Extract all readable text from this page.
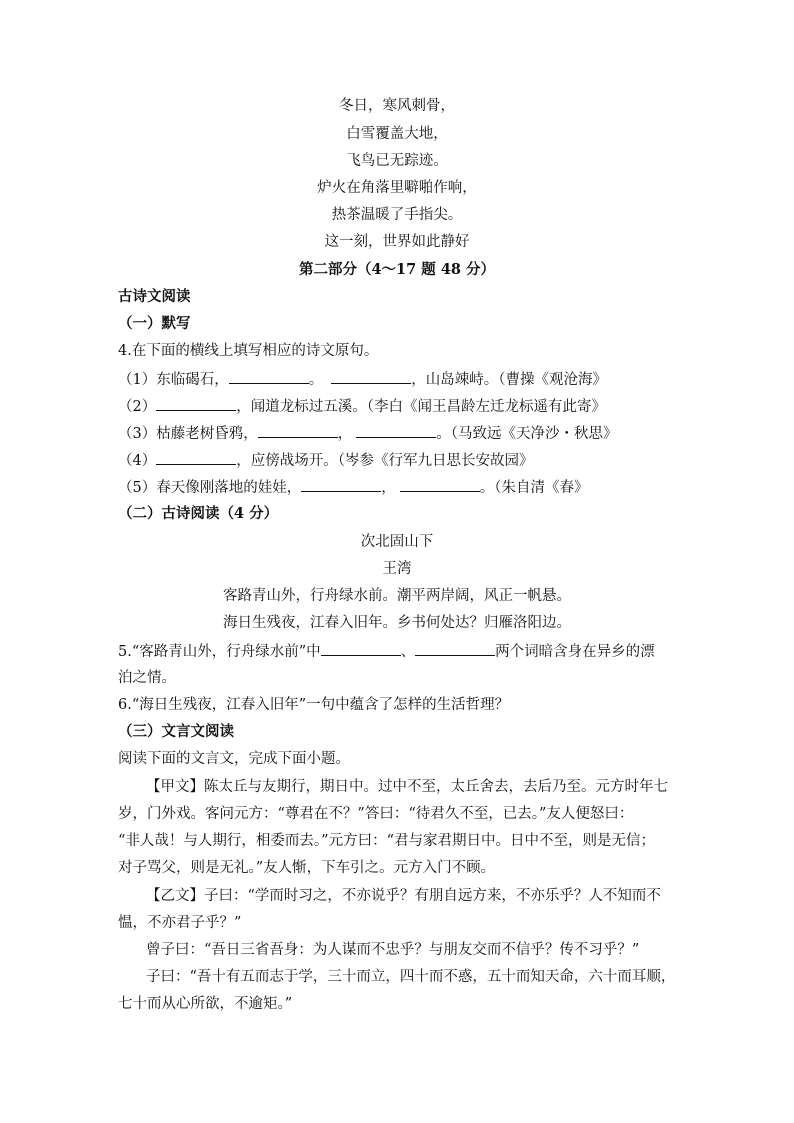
冬日，寒风刺骨，
白雪覆盖大地，
飞鸟已无踪迹。
炉火在角落里噼啪作响，
热茶温暖了手指尖。
这一刻，世界如此静好
第二部分（4～17 题 48 分）
古诗文阅读
（一）默写
4.在下面的横线上填写相应的诗文原句。
（1）东临碣石，	。	，山岛竦峙。（曹操《观沧海》
（2）	，闻道龙标过五溪。（李白《闻王昌龄左迁龙标遥有此寄》
（3）枯藤老树昏鸦，	，	。（马致远《天净沙・秋思》
（4）	，应傍战场开。（岑参《行军九日思长安故园》
（5）春天像刚落地的娃娃，	，	。（朱自清《春》
（二）古诗阅读（4 分）
次北固山下
王湾
客路青山外，行舟绿水前。潮平两岸阔，风正一帆悬。
海日生残夜，江春入旧年。乡书何处达？归雁洛阳边。
5.“客路青山外，行舟绿水前”中	、	两个词暗含身在异乡的漂
泊之情。
6.“海日生残夜，江春入旧年”一句中蕴含了怎样的生活哲理？
（三）文言文阅读
阅读下面的文言文，完成下面小题。
【甲文】陈太丘与友期行，期日中。过中不至，太丘舍去，去后乃至。元方时年七
岁，门外戏。客问元方：“尊君在不？”答曰：“待君久不至，已去。”友人便怒曰：
“非人哉！与人期行，相委而去。”元方曰：“君与家君期日中。日中不至，则是无信；
对子骂父，则是无礼。”友人惭，下车引之。元方入门不顾。
【乙文】子曰：“学而时习之，不亦说乎？有朋自远方来，不亦乐乎？人不知而不
愠，不亦君子乎？”
曾子曰：“吾日三省吾身：为人谋而不忠乎？与朋友交而不信乎？传不习乎？”
子曰：“吾十有五而志于学，三十而立，四十而不惑，五十而知天命，六十而耳顺，
七十而从心所欲，不逾矩。”
